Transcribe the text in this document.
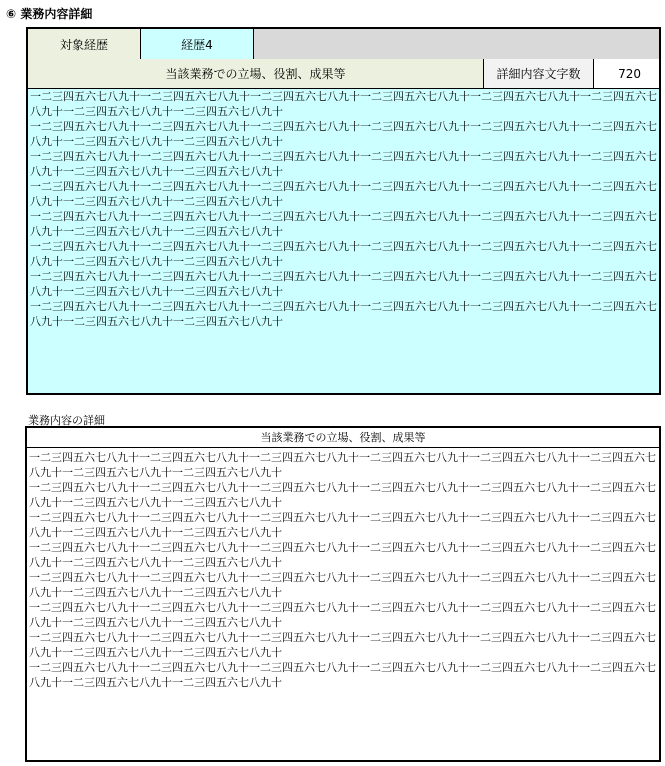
⑥ 業務内容詳細
対象経歴	経歴4
当該業務での立場、役割、成果等	詳細内容文字数	720
一二三四五六七八九十一二三四五六七八九十一二三四五六七八九十一二三四五六七八九十一二三四五六七八九十一二三四五六七八九十一二三四五六七八九十一二三四五六七八九十
一二三四五六七八九十一二三四五六七八九十一二三四五六七八九十一二三四五六七八九十一二三四五六七八九十一二三四五六七八九十一二三四五六七八九十一二三四五六七八九十
一二三四五六七八九十一二三四五六七八九十一二三四五六七八九十一二三四五六七八九十一二三四五六七八九十一二三四五六七八九十一二三四五六七八九十一二三四五六七八九十
一二三四五六七八九十一二三四五六七八九十一二三四五六七八九十一二三四五六七八九十一二三四五六七八九十一二三四五六七八九十一二三四五六七八九十一二三四五六七八九十
一二三四五六七八九十一二三四五六七八九十一二三四五六七八九十一二三四五六七八九十一二三四五六七八九十一二三四五六七八九十一二三四五六七八九十一二三四五六七八九十
一二三四五六七八九十一二三四五六七八九十一二三四五六七八九十一二三四五六七八九十一二三四五六七八九十一二三四五六七八九十一二三四五六七八九十一二三四五六七八九十
一二三四五六七八九十一二三四五六七八九十一二三四五六七八九十一二三四五六七八九十一二三四五六七八九十一二三四五六七八九十一二三四五六七八九十一二三四五六七八九十
一二三四五六七八九十一二三四五六七八九十一二三四五六七八九十一二三四五六七八九十一二三四五六七八九十一二三四五六七八九十一二三四五六七八九十一二三四五六七八九十
業務内容の詳細
当該業務での立場、役割、成果等
一二三四五六七八九十一二三四五六七八九十一二三四五六七八九十一二三四五六七八九十一二三四五六七八九十一二三四五六七八九十一二三四五六七八九十一二三四五六七八九十
一二三四五六七八九十一二三四五六七八九十一二三四五六七八九十一二三四五六七八九十一二三四五六七八九十一二三四五六七八九十一二三四五六七八九十一二三四五六七八九十
一二三四五六七八九十一二三四五六七八九十一二三四五六七八九十一二三四五六七八九十一二三四五六七八九十一二三四五六七八九十一二三四五六七八九十一二三四五六七八九十
一二三四五六七八九十一二三四五六七八九十一二三四五六七八九十一二三四五六七八九十一二三四五六七八九十一二三四五六七八九十一二三四五六七八九十一二三四五六七八九十
一二三四五六七八九十一二三四五六七八九十一二三四五六七八九十一二三四五六七八九十一二三四五六七八九十一二三四五六七八九十一二三四五六七八九十一二三四五六七八九十
一二三四五六七八九十一二三四五六七八九十一二三四五六七八九十一二三四五六七八九十一二三四五六七八九十一二三四五六七八九十一二三四五六七八九十一二三四五六七八九十
一二三四五六七八九十一二三四五六七八九十一二三四五六七八九十一二三四五六七八九十一二三四五六七八九十一二三四五六七八九十一二三四五六七八九十一二三四五六七八九十
一二三四五六七八九十一二三四五六七八九十一二三四五六七八九十一二三四五六七八九十一二三四五六七八九十一二三四五六七八九十一二三四五六七八九十一二三四五六七八九十
